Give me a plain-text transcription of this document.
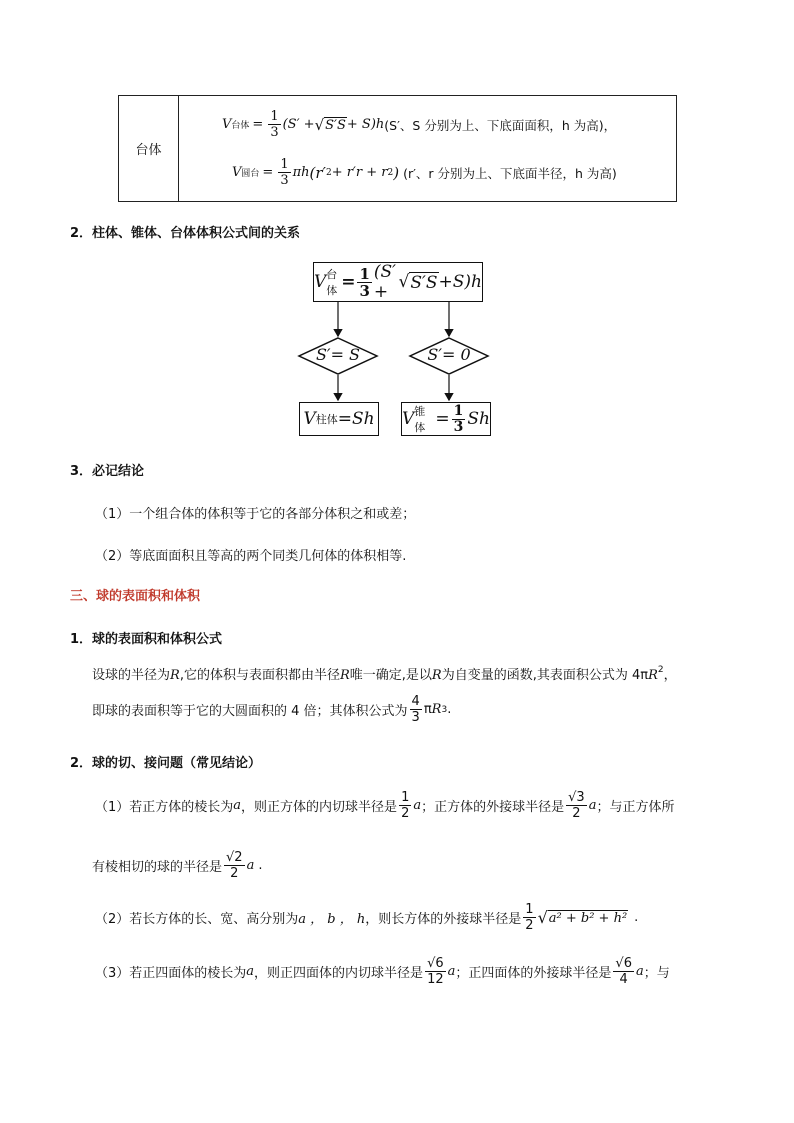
台体	
V 台体 = $\frac{1}{3} (S'$ + √ S′S + S)h (S′、S 分别为上、下底面面积，h 为高)，
V 圆台 = $\frac{1}{3}$ πh (r′ 2 + r′r + r 2 ) (r′、r 分别为上、下底面半径，h 为高)
2．柱体、锥体、台体体积公式间的关系
V 台体 = $\frac{1}{3} (S'+$ √ S′S +S)h
S′= S	S′= 0
V 柱体 =Sh V 锥体 = $\frac{1}{3}$ Sh
3．必记结论
（1）一个组合体的体积等于它的各部分体积之和或差；
（2）等底面面积且等高的两个同类几何体的体积相等.
三、球的表面积和体积
1．球的表面积和体积公式
设球的半径为R,它的体积与表面积都由半径R唯一确定,是以R为自变量的函数,其表面积公式为 $4\pi R^2$，
即球的表面积等于它的大圆面积的 4 倍；其体积公式为 $\frac{4}{3}$ π R 3 .
2．球的切、接问题（常见结论）
（1）若正方体的棱长为 a ，则正方体的内切球半径是 $\frac{1}{2}$ a ；正方体的外接球半径是 $\frac{√3}{2}$ a ；与正方体所
有棱相切的球的半径是 $\frac{√2}{2}$ a .
（2）若长方体的长、宽、高分别为 a ， b ， h ，则长方体的外接球半径是 $\frac{1}{2}$ √ a² + b² + h² .
（3）若正四面体的棱长为 a ，则正四面体的内切球半径是 $\frac{√6}{12}$ a ；正四面体的外接球半径是 $\frac{√6}{4}$ a ；与
